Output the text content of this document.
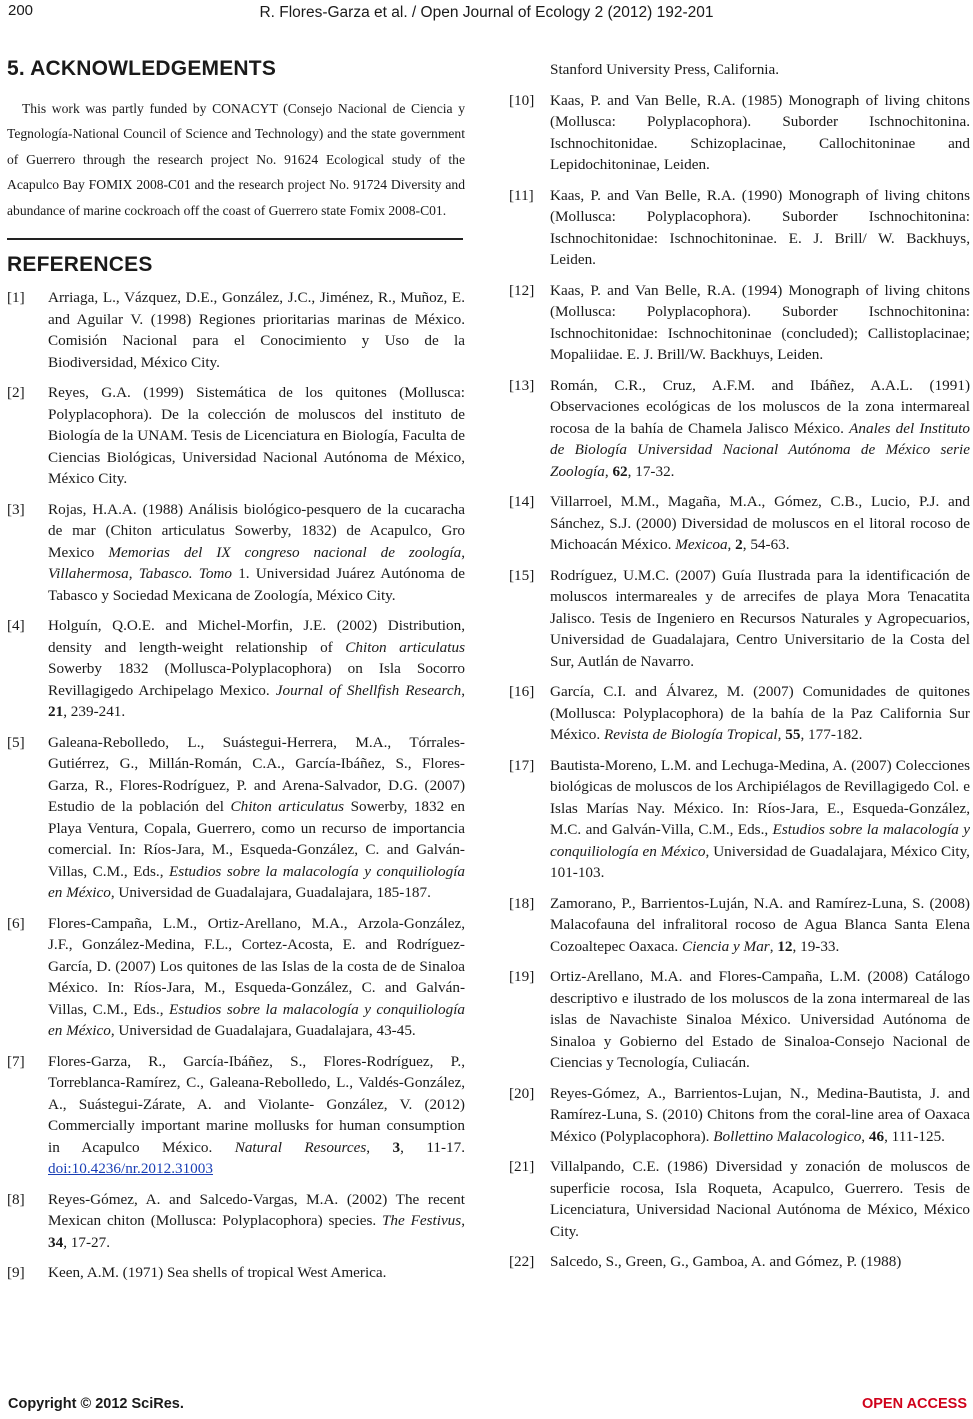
200	R. Flores-Garza et al. / Open Journal of Ecology 2 (2012) 192-201
5. ACKNOWLEDGEMENTS

This work was partly funded by CONACYT (Consejo Nacional de Ciencia y Tegnología-National Council of Science and Technology) and the state government of Guerrero through the research project No. 91624 Ecological study of the Acapulco Bay FOMIX 2008-C01 and the research project No. 91724 Diversity and abundance of marine cockroach off the coast of Guerrero state Fomix 2008-C01.

REFERENCES
[1]	Arriaga, L., Vázquez, D.E., González, J.C., Jiménez, R., Muñoz, E. and Aguilar V. (1998) Regiones prioritarias marinas de México. Comisión Nacional para el Conocimiento y Uso de la Biodiversidad, México City.
[2]	Reyes, G.A. (1999) Sistemática de los quitones (Mollusca: Polyplacophora). De la colección de moluscos del instituto de Biología de la UNAM. Tesis de Licenciatura en Biología, Faculta de Ciencias Biológicas, Universidad Nacional Autónoma de México, México City.
[3]	Rojas, H.A.A. (1988) Análisis biológico-pesquero de la cucaracha de mar (Chiton articulatus Sowerby, 1832) de Acapulco, Gro Mexico Memorias del IX congreso nacional de zoología, Villahermosa, Tabasco. Tomo 1. Universidad Juárez Autónoma de Tabasco y Sociedad Mexicana de Zoología, México City.
[4]	Holguín, Q.O.E. and Michel-Morfin, J.E. (2002) Distribution, density and length-weight relationship of Chiton articulatus Sowerby 1832 (Mollusca-Polyplacophora) on Isla Socorro Revillagigedo Archipelago Mexico. Journal of Shellfish Research, 21, 239-241.
[5]	Galeana-Rebolledo, L., Suástegui-Herrera, M.A., Tórrales-Gutiérrez, G., Millán-Román, C.A., García-Ibáñez, S., Flores-Garza, R., Flores-Rodríguez, P. and Arena-Salvador, D.G. (2007) Estudio de la población del Chiton articulatus Sowerby, 1832 en Playa Ventura, Copala, Guerrero, como un recurso de importancia comercial. In: Ríos-Jara, M., Esqueda-González, C. and Galván-Villas, C.M., Eds., Estudios sobre la malacología y conquiliología en México, Universidad de Guadalajara, Guadalajara, 185-187.
[6]	Flores-Campaña, L.M., Ortiz-Arellano, M.A., Arzola-González, J.F., González-Medina, F.L., Cortez-Acosta, E. and Rodríguez-García, D. (2007) Los quitones de las Islas de la costa de de Sinaloa México. In: Ríos-Jara, M., Esqueda-González, C. and Galván-Villas, C.M., Eds., Estudios sobre la malacología y conquiliología en México, Universidad de Guadalajara, Guadalajara, 43-45.
[7]	Flores-Garza, R., García-Ibáñez, S., Flores-Rodríguez, P., Torreblanca-Ramírez, C., Galeana-Rebolledo, L., Valdés-González, A., Suástegui-Zárate, A. and Violante- González, V. (2012) Commercially important marine mollusks for human consumption in Acapulco México. Natural Resources, 3, 11-17. doi:10.4236/nr.2012.31003
[8]	Reyes-Gómez, A. and Salcedo-Vargas, M.A. (2002) The recent Mexican chiton (Mollusca: Polyplacophora) species. The Festivus, 34, 17-27.
[9]	Keen, A.M. (1971) Sea shells of tropical West America.
Stanford University Press, California.
[10]	Kaas, P. and Van Belle, R.A. (1985) Monograph of living chitons (Mollusca: Polyplacophora). Suborder Ischnochitonina. Ischnochitonidae. Schizoplacinae, Callochitoninae and Lepidochitoninae, Leiden.
[11]	Kaas, P. and Van Belle, R.A. (1990) Monograph of living chitons (Mollusca: Polyplacophora). Suborder Ischnochitonina: Ischnochitonidae: Ischnochitoninae. E. J. Brill/ W. Backhuys, Leiden.
[12]	Kaas, P. and Van Belle, R.A. (1994) Monograph of living chitons (Mollusca: Polyplacophora). Suborder Ischnochitonina: Ischnochitonidae: Ischnochitoninae (concluded); Callistoplacinae; Mopaliidae. E. J. Brill/W. Backhuys, Leiden.
[13]	Román, C.R., Cruz, A.F.M. and Ibáñez, A.A.L. (1991) Observaciones ecológicas de los moluscos de la zona intermareal rocosa de la bahía de Chamela Jalisco México. Anales del Instituto de Biología Universidad Nacional Autónoma de México serie Zoología, 62, 17-32.
[14]	Villarroel, M.M., Magaña, M.A., Gómez, C.B., Lucio, P.J. and Sánchez, S.J. (2000) Diversidad de moluscos en el litoral rocoso de Michoacán México. Mexicoa, 2, 54-63.
[15]	Rodríguez, U.M.C. (2007) Guía Ilustrada para la identificación de moluscos intermareales y de arrecifes de playa Mora Tenacatita Jalisco. Tesis de Ingeniero en Recursos Naturales y Agropecuarios, Universidad de Guadalajara, Centro Universitario de la Costa del Sur, Autlán de Navarro.
[16]	García, C.I. and Álvarez, M. (2007) Comunidades de quitones (Mollusca: Polyplacophora) de la bahía de la Paz California Sur México. Revista de Biología Tropical, 55, 177-182.
[17]	Bautista-Moreno, L.M. and Lechuga-Medina, A. (2007) Colecciones biológicas de moluscos de los Archipiélagos de Revillagigedo Col. e Islas Marías Nay. México. In: Ríos-Jara, E., Esqueda-González, M.C. and Galván-Villa, C.M., Eds., Estudios sobre la malacología y conquiliología en México, Universidad de Guadalajara, México City, 101-103.
[18]	Zamorano, P., Barrientos-Luján, N.A. and Ramírez-Luna, S. (2008) Malacofauna del infralitoral rocoso de Agua Blanca Santa Elena Cozoaltepec Oaxaca. Ciencia y Mar, 12, 19-33.
[19]	Ortiz-Arellano, M.A. and Flores-Campaña, L.M. (2008) Catálogo descriptivo e ilustrado de los moluscos de la zona intermareal de las islas de Navachiste Sinaloa México. Universidad Autónoma de Sinaloa y Gobierno del Estado de Sinaloa-Consejo Nacional de Ciencias y Tecnología, Culiacán.
[20]	Reyes-Gómez, A., Barrientos-Lujan, N., Medina-Bautista, J. and Ramírez-Luna, S. (2010) Chitons from the coral-line area of Oaxaca México (Polyplacophora). Bollettino Malacologico, 46, 111-125.
[21]	Villalpando, C.E. (1986) Diversidad y zonación de moluscos de superficie rocosa, Isla Roqueta, Acapulco, Guerrero. Tesis de Licenciatura, Universidad Nacional Autónoma de México, México City.
[22]	Salcedo, S., Green, G., Gamboa, A. and Gómez, P. (1988)
Copyright © 2012 SciRes.	OPEN ACCESS
